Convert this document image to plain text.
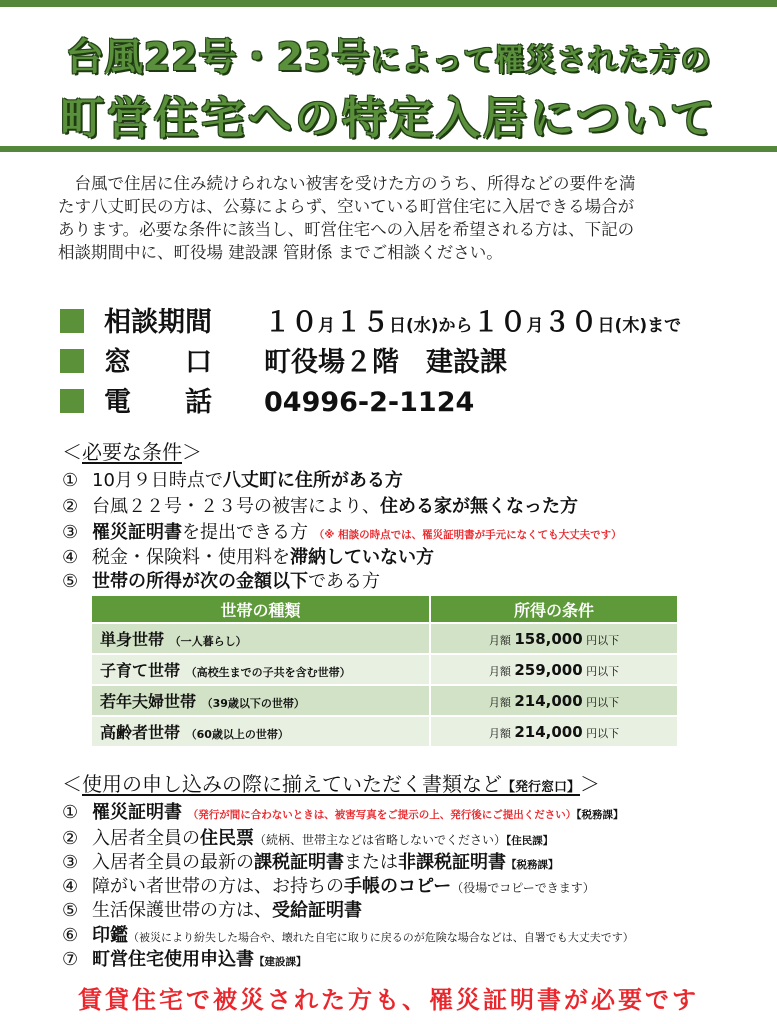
台風22号・23号によって罹災された方の
町営住宅への特定入居について

　台風で住居に住み続けられない被害を受けた方のうち、所得などの要件を満

たす八丈町民の方は、公募によらず、空いている町営住宅に入居できる場合が

あります。必要な条件に該当し、町営住宅への入居を希望される方は、下記の

相談期間中に、町役場 建設課 管財係 までご相談ください。

相談期間 １０月１５日(水)から１０月３０日(木)まで
窓　　口 町役場２階　建設課
電　　話 04996-2-1124
＜必要な条件＞
① 10月９日時点で八丈町に住所がある方
② 台風２２号・２３号の被害により、住める家が無くなった方
③ 罹災証明書を提出できる方 （※ 相談の時点では、罹災証明書が手元になくても大丈夫です）
④ 税金・保険料・使用料を滞納していない方
⑤ 世帯の所得が次の金額以下である方
世帯の種類	所得の条件
単身世帯 （一人暮らし）	月額 158,000 円以下
子育て世帯 （高校生までの子共を含む世帯）	月額 259,000 円以下
若年夫婦世帯 （39歳以下の世帯）	月額 214,000 円以下
高齢者世帯 （60歳以上の世帯）	月額 214,000 円以下
＜使用の申し込みの際に揃えていただく書類など【発行窓口】＞
① 罹災証明書 （発行が間に合わないときは、被害写真をご提示の上、発行後にご提出ください）【税務課】
② 入居者全員の住民票（続柄、世帯主などは省略しないでください）【住民課】
③ 入居者全員の最新の課税証明書または非課税証明書【税務課】
④ 障がい者世帯の方は、お持ちの手帳のコピー（役場でコピーできます）
⑤ 生活保護世帯の方は、受給証明書
⑥ 印鑑（被災により紛失した場合や、壊れた自宅に取りに戻るのが危険な場合などは、自署でも大丈夫です）
⑦ 町営住宅使用申込書【建設課】
賃貸住宅で被災された方も、罹災証明書が必要です
